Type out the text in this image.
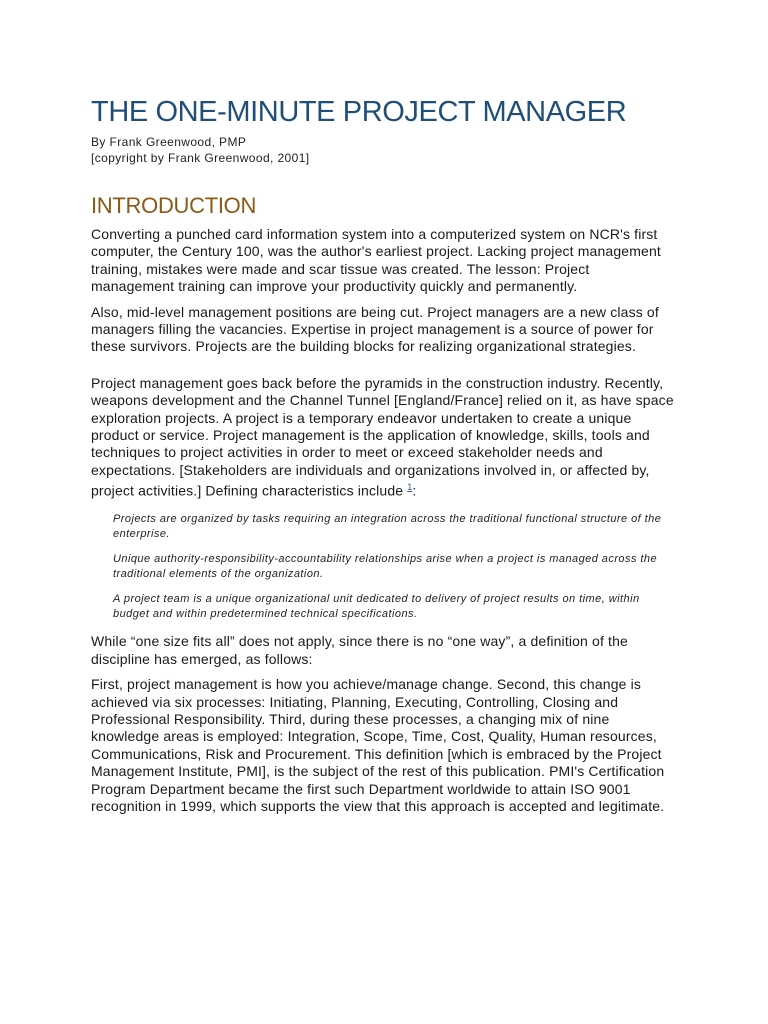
THE ONE-MINUTE PROJECT MANAGER

By Frank Greenwood, PMP
[copyright by Frank Greenwood, 2001]

INTRODUCTION

Converting a punched card information system into a computerized system on NCR's first computer, the Century 100, was the author's earliest project. Lacking project management training, mistakes were made and scar tissue was created. The lesson: Project management training can improve your productivity quickly and permanently.

Also, mid-level management positions are being cut. Project managers are a new class of managers filling the vacancies. Expertise in project management is a source of power for these survivors. Projects are the building blocks for realizing organizational strategies.

Project management goes back before the pyramids in the construction industry. Recently, weapons development and the Channel Tunnel [England/France] relied on it, as have space exploration projects. A project is a temporary endeavor undertaken to create a unique product or service. Project management is the application of knowledge, skills, tools and techniques to project activities in order to meet or exceed stakeholder needs and expectations. [Stakeholders are individuals and organizations involved in, or affected by, project activities.] Defining characteristics include $^1$:

Projects are organized by tasks requiring an integration across the traditional functional structure of the enterprise.

Unique authority-responsibility-accountability relationships arise when a project is managed across the traditional elements of the organization.

A project team is a unique organizational unit dedicated to delivery of project results on time, within budget and within predetermined technical specifications.

While “one size fits all” does not apply, since there is no “one way”, a definition of the discipline has emerged, as follows:

First, project management is how you achieve/manage change. Second, this change is achieved via six processes: Initiating, Planning, Executing, Controlling, Closing and Professional Responsibility. Third, during these processes, a changing mix of nine knowledge areas is employed: Integration, Scope, Time, Cost, Quality, Human resources, Communications, Risk and Procurement. This definition [which is embraced by the Project Management Institute, PMI], is the subject of the rest of this publication. PMI's Certification Program Department became the first such Department worldwide to attain ISO 9001 recognition in 1999, which supports the view that this approach is accepted and legitimate.
